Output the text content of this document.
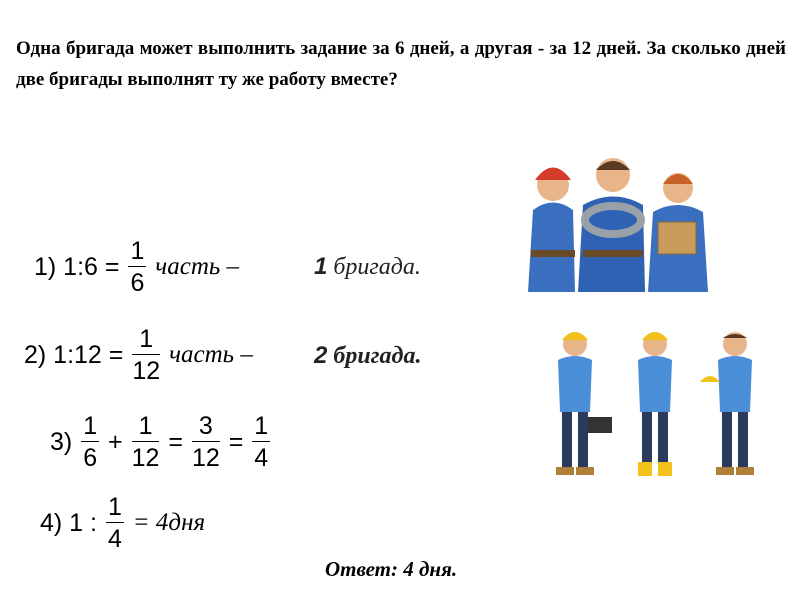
Одна бригада может выполнить задание за 6 дней, а другая - за 12 дней. За сколько дней две бригады выполнят ту же работу вместе?
1) 1:6 = $\frac{1}{6}$ часть –	1 бригада.
2) 1:12 = $\frac{1}{12}$ часть –	2 бригада.
$3) \frac{1}{6} + \frac{1}{12} = \frac{3}{12} = \frac{1}{4}$
4) 1 : $\frac{1}{4} = 4дня$
Ответ: 4 дня.
